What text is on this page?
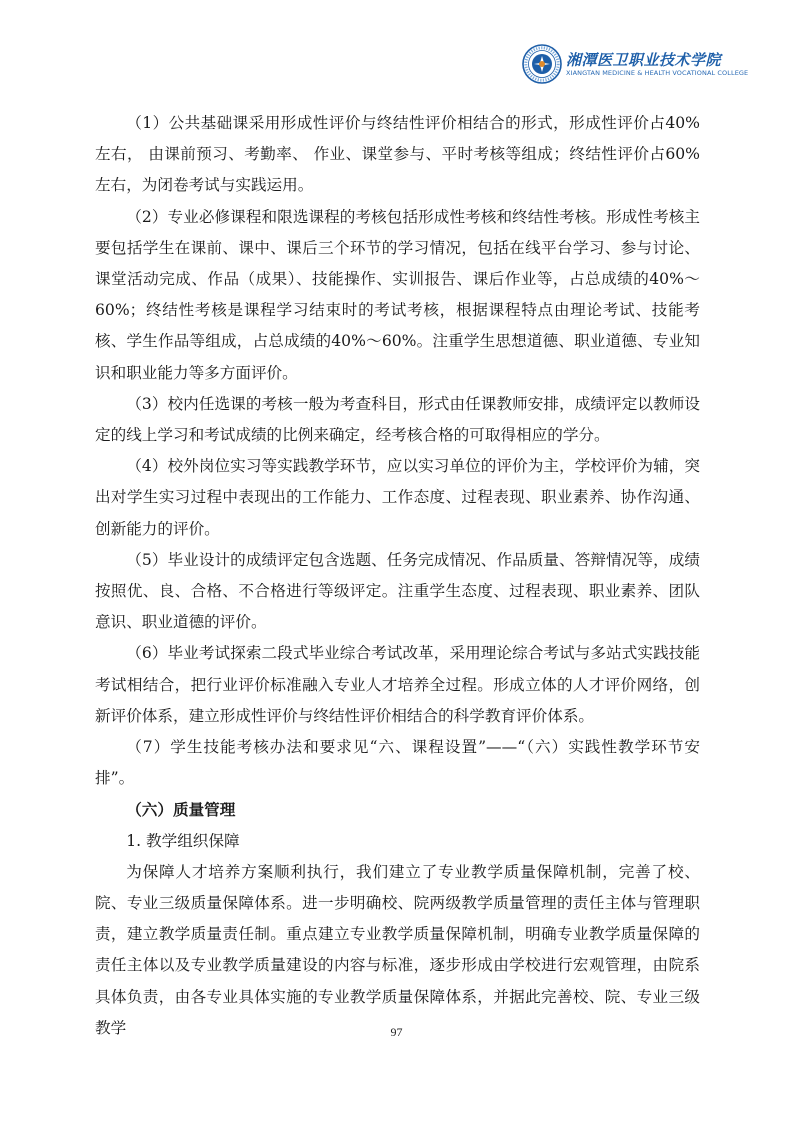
湘潭医卫职业技术学院
XIANGTAN MEDICINE & HEALTH VOCATIONAL COLLEGE

（1）公共基础课采用形成性评价与终结性评价相结合的形式，形成性评价占40%左右， 由课前预习、考勤率、 作业、课堂参与、平时考核等组成；终结性评价占60%左右，为闭卷考试与实践运用。

（2）专业必修课程和限选课程的考核包括形成性考核和终结性考核。形成性考核主要包括学生在课前、课中、课后三个环节的学习情况，包括在线平台学习、参与讨论、课堂活动完成、作品（成果）、技能操作、实训报告、课后作业等，占总成绩的40%～60%；终结性考核是课程学习结束时的考试考核，根据课程特点由理论考试、技能考核、学生作品等组成，占总成绩的40%～60%。注重学生思想道德、职业道德、专业知识和职业能力等多方面评价。

（3）校内任选课的考核一般为考查科目，形式由任课教师安排，成绩评定以教师设定的线上学习和考试成绩的比例来确定，经考核合格的可取得相应的学分。

（4）校外岗位实习等实践教学环节，应以实习单位的评价为主，学校评价为辅，突出对学生实习过程中表现出的工作能力、工作态度、过程表现、职业素养、协作沟通、创新能力的评价。

（5）毕业设计的成绩评定包含选题、任务完成情况、作品质量、答辩情况等，成绩按照优、良、合格、不合格进行等级评定。注重学生态度、过程表现、职业素养、团队意识、职业道德的评价。

（6）毕业考试探索二段式毕业综合考试改革，采用理论综合考试与多站式实践技能考试相结合，把行业评价标准融入专业人才培养全过程。形成立体的人才评价网络，创新评价体系，建立形成性评价与终结性评价相结合的科学教育评价体系。

（7）学生技能考核办法和要求见“六、课程设置”——“（六）实践性教学环节安排”。

（六）质量管理

1. 教学组织保障

为保障人才培养方案顺利执行，我们建立了专业教学质量保障机制，完善了校、院、专业三级质量保障体系。进一步明确校、院两级教学质量管理的责任主体与管理职责，建立教学质量责任制。重点建立专业教学质量保障机制，明确专业教学质量保障的责任主体以及专业教学质量建设的内容与标准，逐步形成由学校进行宏观管理，由院系具体负责，由各专业具体实施的专业教学质量保障体系，并据此完善校、院、专业三级教学	97
